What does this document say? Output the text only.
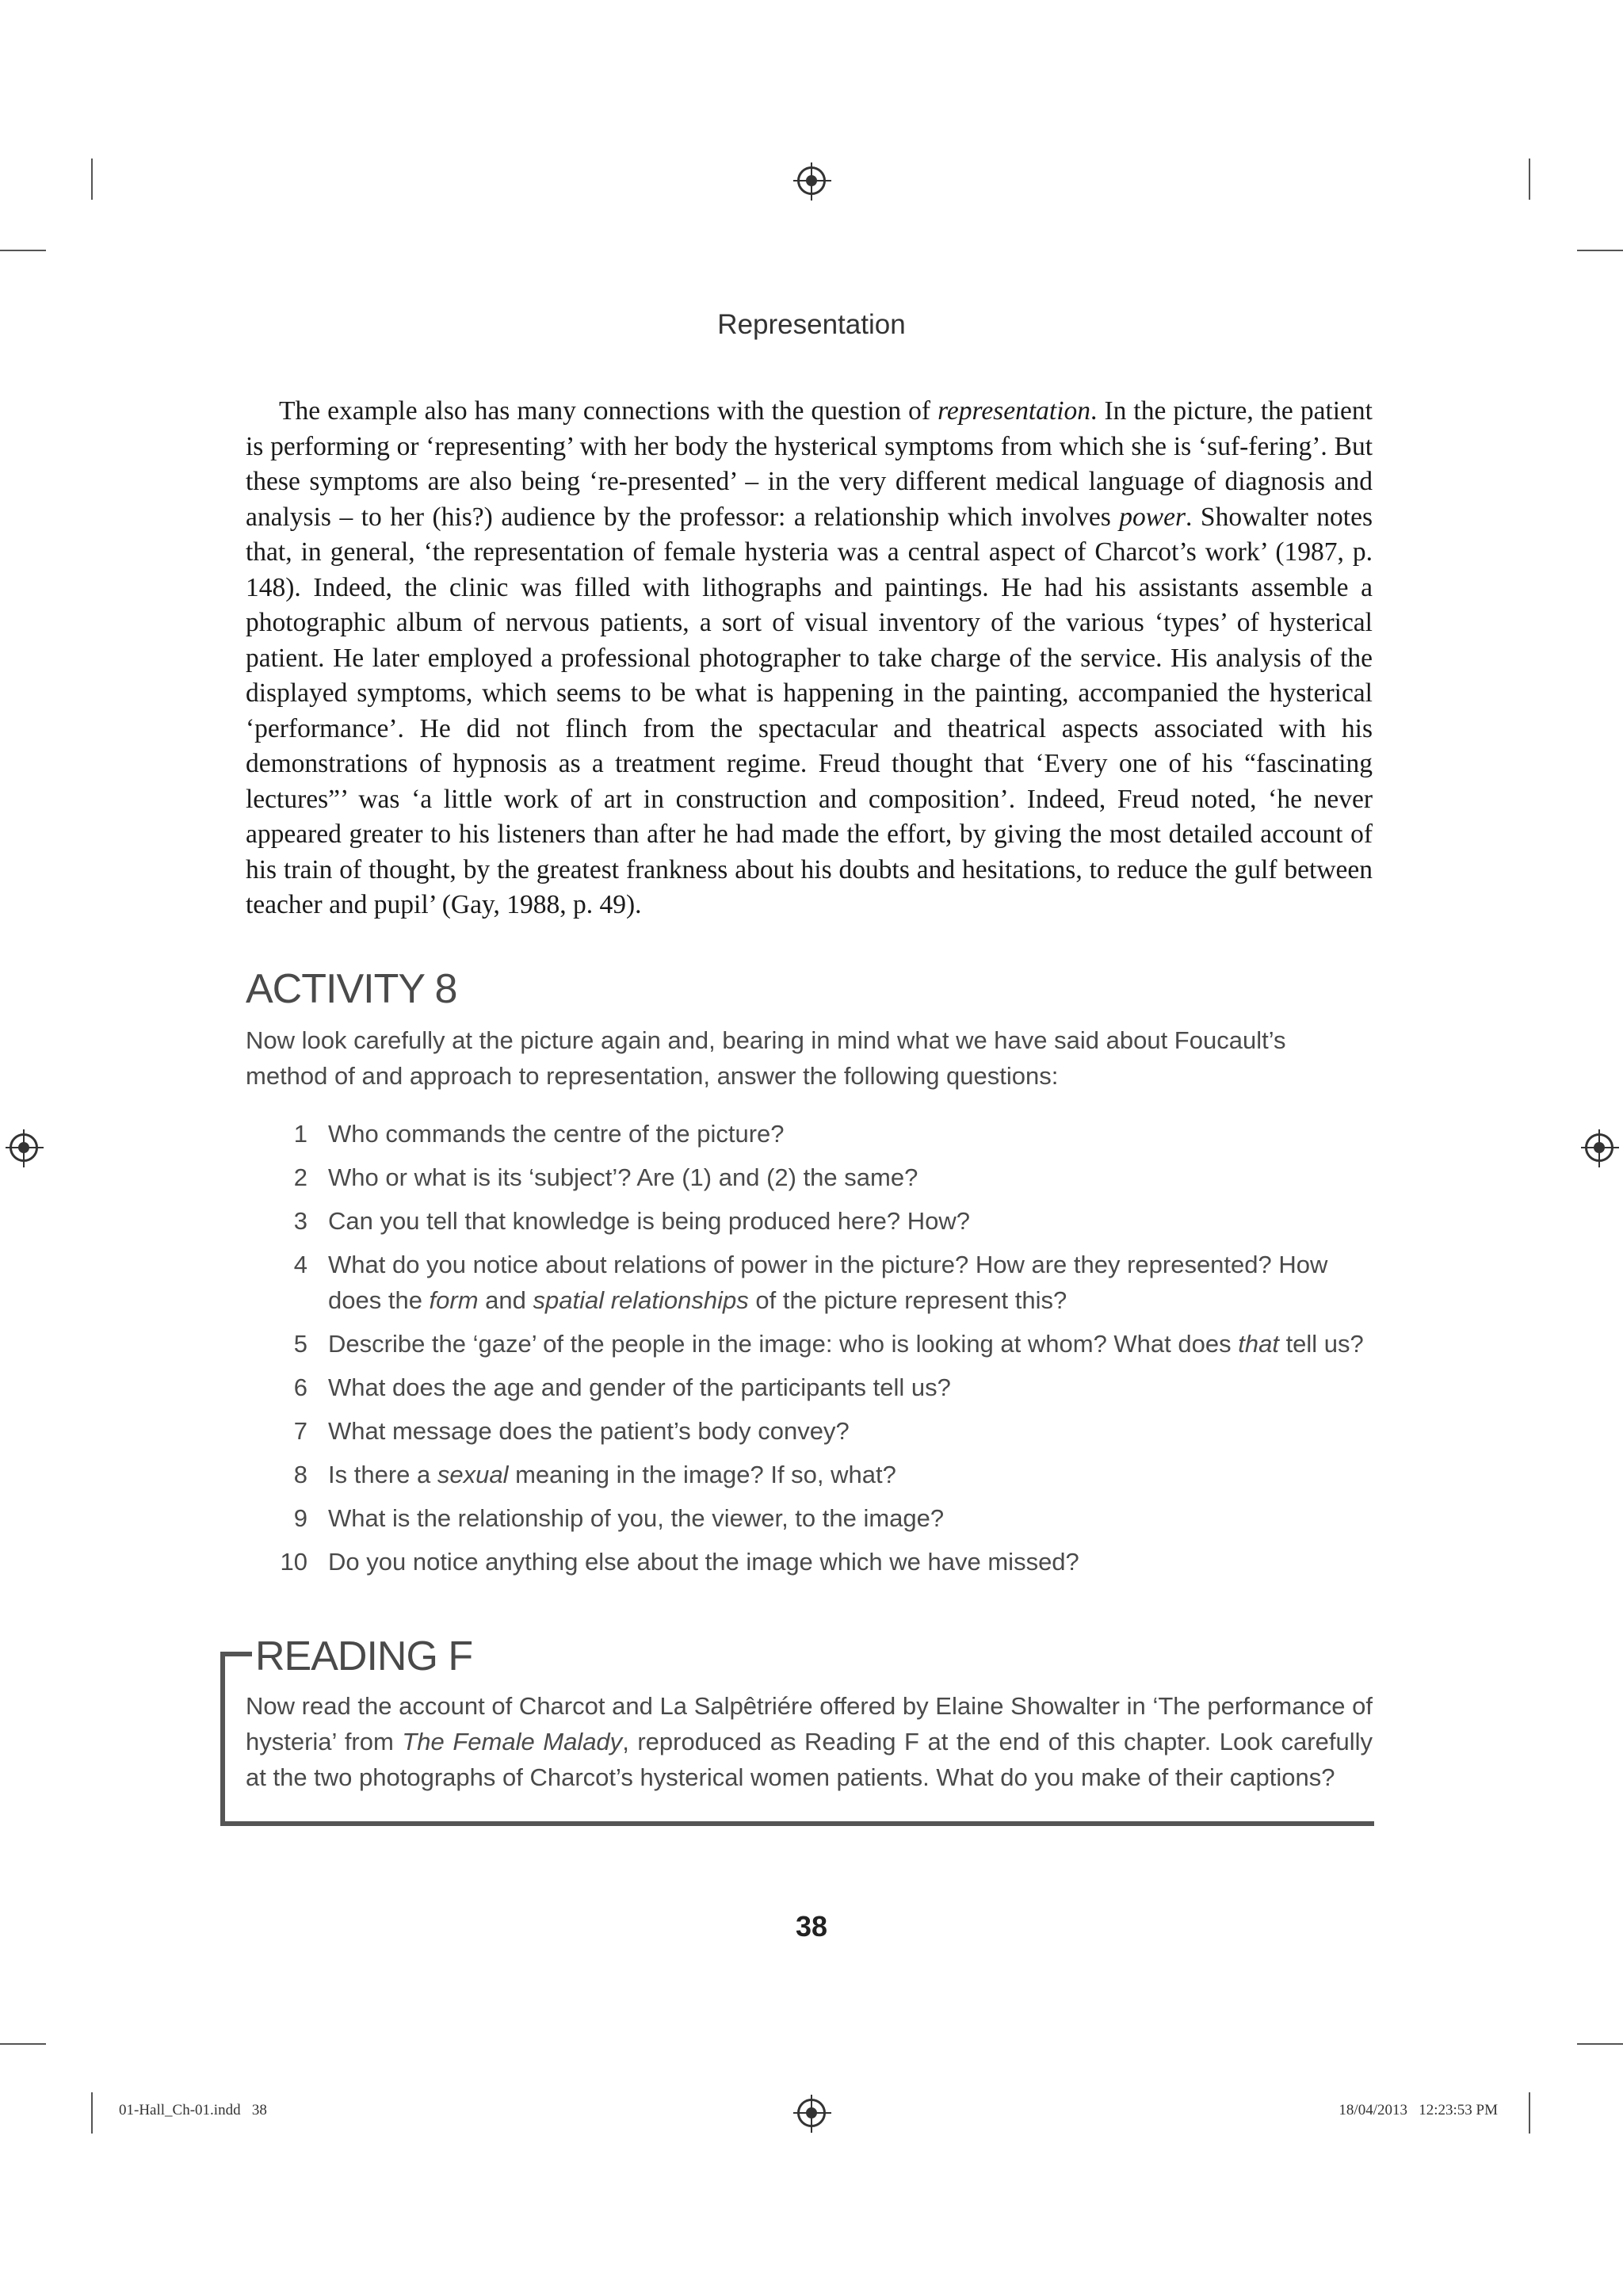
Representation

The example also has many connections with the question of representation. In the picture, the patient is performing or ‘representing’ with her body the hysterical symptoms from which she is ‘suf-fering’. But these symptoms are also being ‘re-presented’ – in the very different medical language of diagnosis and analysis – to her (his?) audience by the professor: a relationship which involves power. Showalter notes that, in general, ‘the representation of female hysteria was a central aspect of Charcot’s work’ (1987, p. 148). Indeed, the clinic was filled with lithographs and paintings. He had his assistants assemble a photographic album of nervous patients, a sort of visual inventory of the various ‘types’ of hysterical patient. He later employed a professional photographer to take charge of the service. His analysis of the displayed symptoms, which seems to be what is happening in the painting, accompanied the hysterical ‘performance’. He did not flinch from the spectacular and theatrical aspects associated with his demonstrations of hypnosis as a treatment regime. Freud thought that ‘Every one of his “fascinating lectures”’ was ‘a little work of art in construction and composition’. Indeed, Freud noted, ‘he never appeared greater to his listeners than after he had made the effort, by giving the most detailed account of his train of thought, by the greatest frankness about his doubts and hesitations, to reduce the gulf between teacher and pupil’ (Gay, 1988, p. 49).

ACTIVITY 8

Now look carefully at the picture again and, bearing in mind what we have said about Foucault’s method of and approach to representation, answer the following questions:

1 Who commands the centre of the picture?
2 Who or what is its ‘subject’? Are (1) and (2) the same?
3 Can you tell that knowledge is being produced here? How?
4 What do you notice about relations of power in the picture? How are they represented? How does the form and spatial relationships of the picture represent this?
5 Describe the ‘gaze’ of the people in the image: who is looking at whom? What does that tell us?
6 What does the age and gender of the participants tell us?
7 What message does the patient’s body convey?
8 Is there a sexual meaning in the image? If so, what?
9 What is the relationship of you, the viewer, to the image?
10 Do you notice anything else about the image which we have missed?
READING F

Now read the account of Charcot and La Salpêtriére offered by Elaine Showalter in ‘The performance of hysteria’ from The Female Malady, reproduced as Reading F at the end of this chapter. Look carefully at the two photographs of Charcot’s hysterical women patients. What do you make of their captions?

38
01-Hall_Ch-01.indd   38	18/04/2013   12:23:53 PM
